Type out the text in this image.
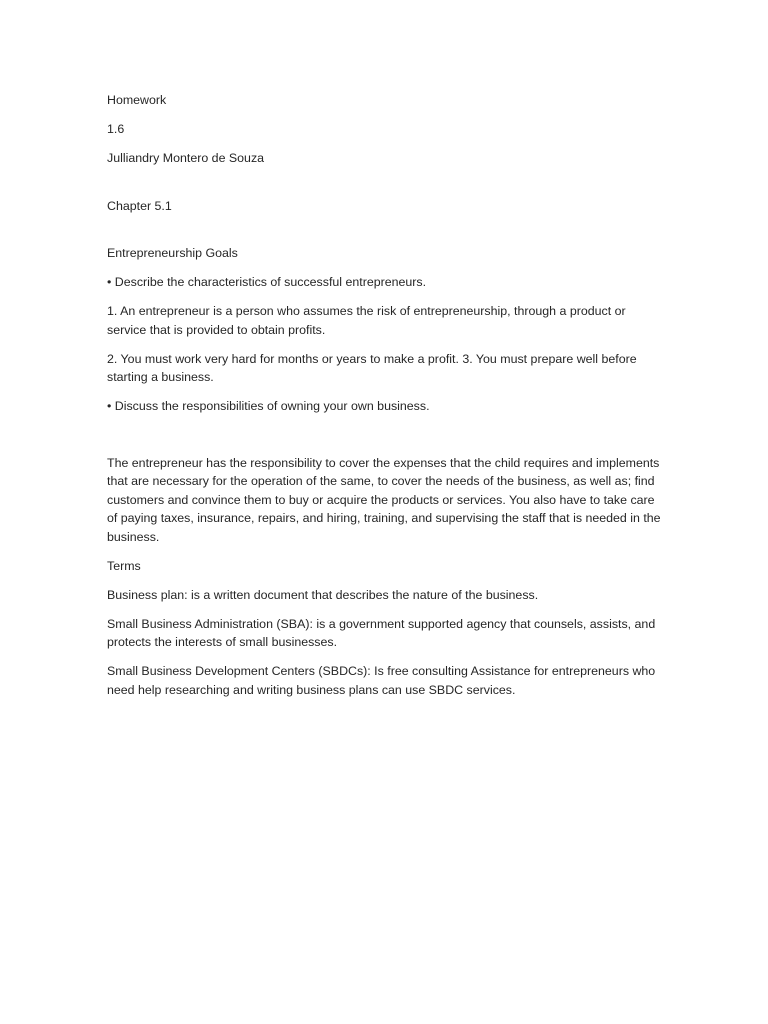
Homework

1.6

Julliandry Montero de Souza

Chapter 5.1

Entrepreneurship Goals

• Describe the characteristics of successful entrepreneurs.

1. An entrepreneur is a person who assumes the risk of entrepreneurship, through a product or service that is provided to obtain profits.

2. You must work very hard for months or years to make a profit. 3. You must prepare well before starting a business.

• Discuss the responsibilities of owning your own business.

The entrepreneur has the responsibility to cover the expenses that the child requires and implements that are necessary for the operation of the same, to cover the needs of the business, as well as; find customers and convince them to buy or acquire the products or services. You also have to take care of paying taxes, insurance, repairs, and hiring, training, and supervising the staff that is needed in the business.

Terms

Business plan: is a written document that describes the nature of the business.

Small Business Administration (SBA): is a government supported agency that counsels, assists, and protects the interests of small businesses.

Small Business Development Centers (SBDCs): Is free consulting Assistance for entrepreneurs who need help researching and writing business plans can use SBDC services.
